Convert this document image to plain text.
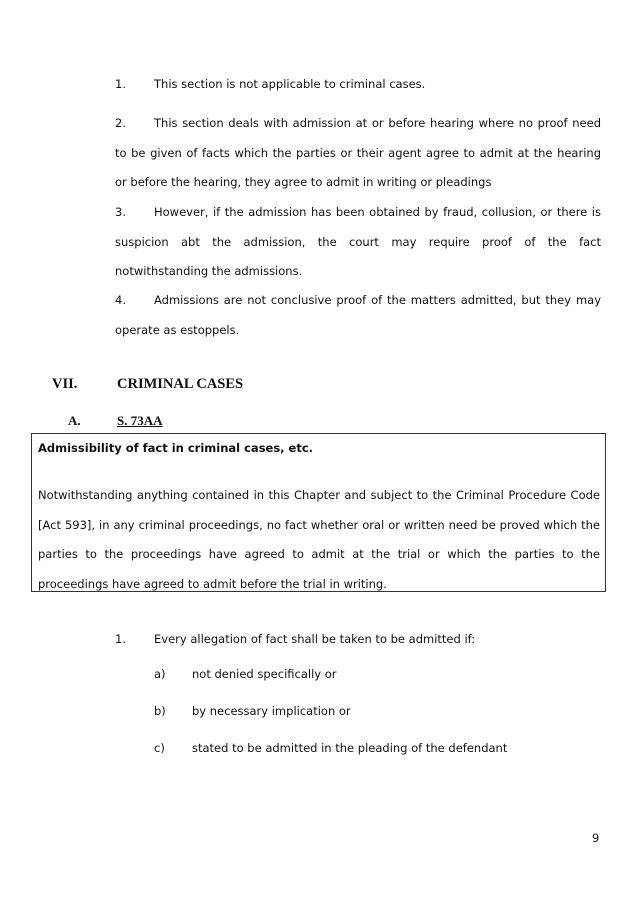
1. This section is not applicable to criminal cases.
2.	This section deals with admission at or before hearing where no proof need to be given of facts which the parties or their agent agree to admit at the hearing or before the hearing, they agree to admit in writing or pleadings
3.	However, if the admission has been obtained by fraud, collusion, or there is suspicion abt the admission, the court may require proof of the fact notwithstanding the admissions.
4.	Admissions are not conclusive proof of the matters admitted, but they may operate as estoppels.
VII.	CRIMINAL CASES
A.	S. 73AA
Admissibility of fact in criminal cases, etc.
Notwithstanding anything contained in this Chapter and subject to the Criminal Procedure Code [Act 593], in any criminal proceedings, no fact whether oral or written need be proved which the parties to the proceedings have agreed to admit at the trial or which the parties to the proceedings have agreed to admit before the trial in writing.
1. Every allegation of fact shall be taken to be admitted if:
a) not denied specifically or
b) by necessary implication or
c) stated to be admitted in the pleading of the defendant
9
